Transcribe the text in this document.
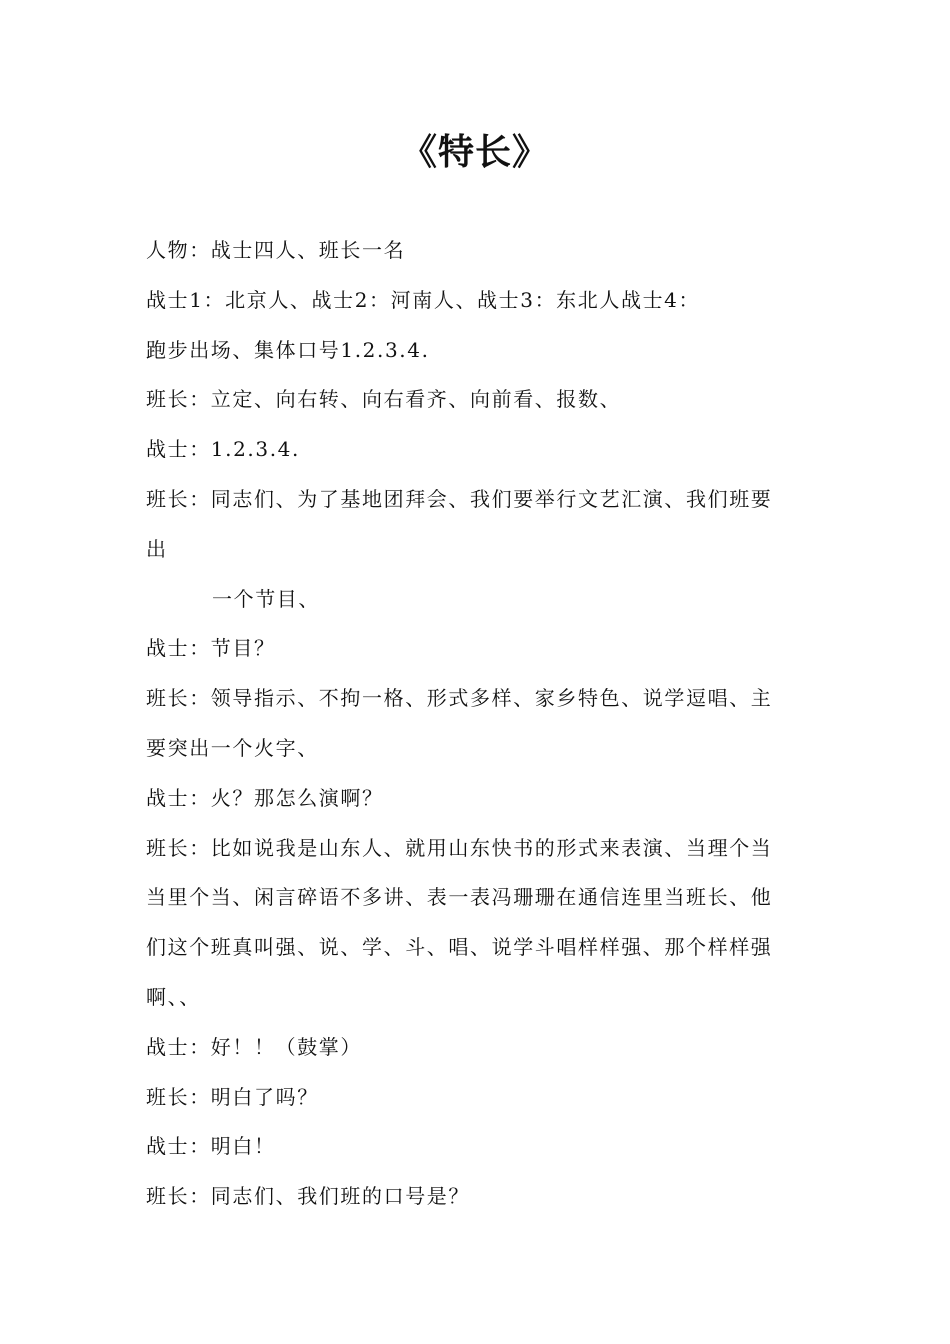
《特长》
人物：战士四人、班长一名
战士1：北京人、战士2：河南人、战士3：东北人战士4：
跑步出场、集体口号1.2.3.4.
班长：立定、向右转、向右看齐、向前看、报数、
战士：1.2.3.4.
班长：同志们、为了基地团拜会、我们要举行文艺汇演、我们班要
出
一个节目、
战士：节目？
班长：领导指示、不拘一格、形式多样、家乡特色、说学逗唱、主
要突出一个火字、
战士：火？那怎么演啊？
班长：比如说我是山东人、就用山东快书的形式来表演、当理个当
当里个当、闲言碎语不多讲、表一表冯珊珊在通信连里当班长、他
们这个班真叫强、说、学、斗、唱、说学斗唱样样强、那个样样强
啊、、
战士：好！！（鼓掌）
班长：明白了吗？
战士：明白！
班长：同志们、我们班的口号是？
